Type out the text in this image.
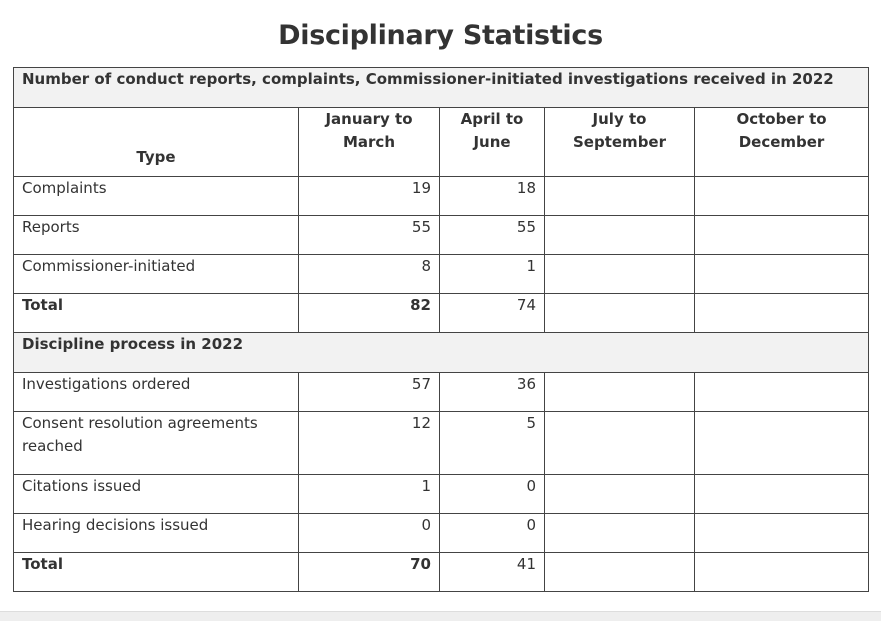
Disciplinary Statistics
Number of conduct reports, complaints, Commissioner-initiated investigations received in 2022				
Type	January to March	April to June	July to September	October to December
Complaints	19	18		
Reports	55	55		
Commissioner-initiated	8	1		
Total	82	74		
Discipline process in 2022				
Investigations ordered	57	36		
Consent resolution agreements reached	12	5		
Citations issued	1	0		
Hearing decisions issued	0	0		
Total	70	41		
